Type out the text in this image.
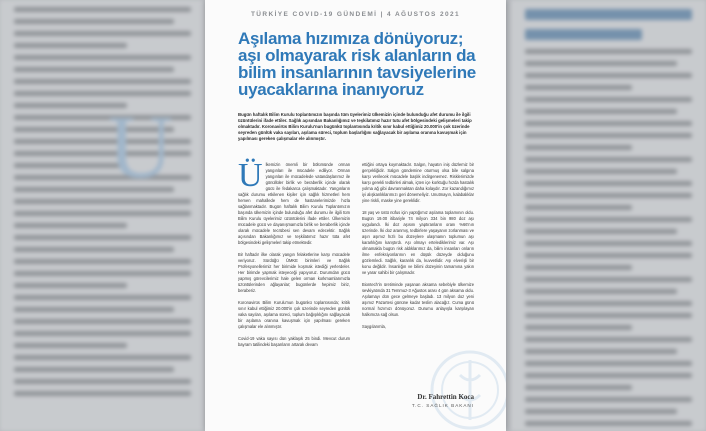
U
TÜRKİYE COVID-19 GÜNDEMİ | 4 AĞUSTOS 2021
Aşılama hızımıza dönüyoruz;
aşı olmayarak risk alanların da
bilim insanlarının tavsiyelerine
uyacaklarına inanıyoruz
Bugün haftalık Bilim Kurulu toplantımızın başında tüm üyelerimiz ülkemizin içinde bulunduğu afet durumu ile ilgili üzüntülerini ifade ettiler. Sağlık açısından Bakanlığımız ve teşkilatımız hazır tutu afet bölgesindeki gelişmeleri takip olmaktadır. Koronavirüs Bilim Kurulu'nun bugünkü toplantısında kritik sınır kabul ettiğimiz 20.000'in çok üzerinde seyreden günlük vaka sayıları, aşılama süreci, toplum başlarlığını sağlayacak bir aşılama oranına kavuşmak için yapılması gereken çalışmalar ele alınmıştır.

Ü lkemizin önemli bir bölümünde orman yangınları ile mücadele ediliyor. Orman yangınları ile mücadelede vatandaşlarımız ile gönüllüler birlik ve beraberlik içinde olarak gücü ile fedakarca çalışmaktadır. Yangınların sağlık durumu etkilenen kişiler için sağlık hizmetleri hem hemen mahallede hem de hastanelerimizde hızla sağlanmaktadır. Bugün haftalık Bilim Kurulu Toplantımızın başında ülkemizin içinde bulunduğu afet durumu ile ilgili tüm Bilim Kurulu üyelerimiz üzüntülerini ifade ettiler. Ülkemizin mücadele gücü ve dayanışmamızla birlik ve beraberlik içinde olarak mücadele tecrübesi sen devam edecektir. Sağlık açısından Bakanlığımız ve teşkilatımız hazır tüta afet bölgesindeki gelişmeleri takip etmektedir.

Bir haftadır ilke olarak yangın felaketlerine karşı mücadele veriyoruz. Sürdüğü ÜMKE birimleri ve Sağlık Profesyonellerimiz her birimide koşmak istediği yerlerdeler. Her birimde yapmak isteyeceği yapıyoruz. Durumdan gücü yapmış görevcilerimiz hale gelen orman korkmamlarımızla üzüntülerinden ağlayanlar; bugünlerde hepimiz biriz, beraberiz.

Koronavirüs Bilim Kurulu'nun bugünkü toplantısında; kritik sınır kabul ettiğimiz 20.000'in çok üzerinde seyreden günlük vaka sayıları, aşılama süreci, toplum bağışıklığını sağlayacak bir aşılama oranına kavuşmak için yapılması gereken çalışmalar ele alınmıştır.

Covid-19 vaka sayısı dün yaklaşık 25 bindi. Mevcut durum bayram tatilindeki başarıların artarak devam

ettiğini ortaya koymaktadır. Salgın, hayatın iniş düzlemiz bir gerçekliğidir. Salgın gündemine oturmuş olsa bile salgına karşı verilecek mücadele başlık indirgenemez. Risklerimizde karşı gerekli tedbirleri almak, içten içe korktuğu hızda hastalık yolma ağ gibi davranmaktan daha kolaydır. Zor kazandığımız iyi alışkanlıklarımızı geri dönemeliyiz. Unutmayın, kalabalıklar yine riskli, maske yine gereklidir.

18 yaş ve üstü nüfus için yaptığımız aşılama toplamının oldu. Bugün 19.00 itibariyle 74 milyon 334 bin 980 doz aşı uygulandı. İki doz aşısını yaptıranların oranı %66'nın üzerinde. İki doz aranmış, tedbirlere yaşayanın zorlanması ve aşırı aşımız hızlı bu düzeylere ulaşmanın toplumun aşı kararlılığını karıştırdı. Aşı olmayı ertelediklerimiz var. Aşı olmamakla bugün risk aldıklarımız da, bilim insanları onların ilme enfeksiyonlarının en düşük düzeyde olduğunu gözlemledi. Sağlık, karanlık da, kuvvetlidir. Aşı elverişli bir konu değildir. İnsanlığın ve bilimi düzeyinin tamamına yakın ve yarar sahibi bir çalışmadır.

Biontech'in üretiminde yaşanan aksama sebebiyle ülkemize sevkiyatında 31 Temmuz-3 Ağustos arası 4 gün aksama oldu. Aşılamayı dün gece gelmeye başladı. 13 milyon doz yeni aşımız Pazartesi gününe kadar teslim alacağız. Cuma günü normal hızımızı dönüyoruz. Durumu anlayışla karşılayan halkımıza sağ olsun.

Saygılarımla,

Dr. Fahrettin Koca
T.C. SAĞLIK BAKANI
